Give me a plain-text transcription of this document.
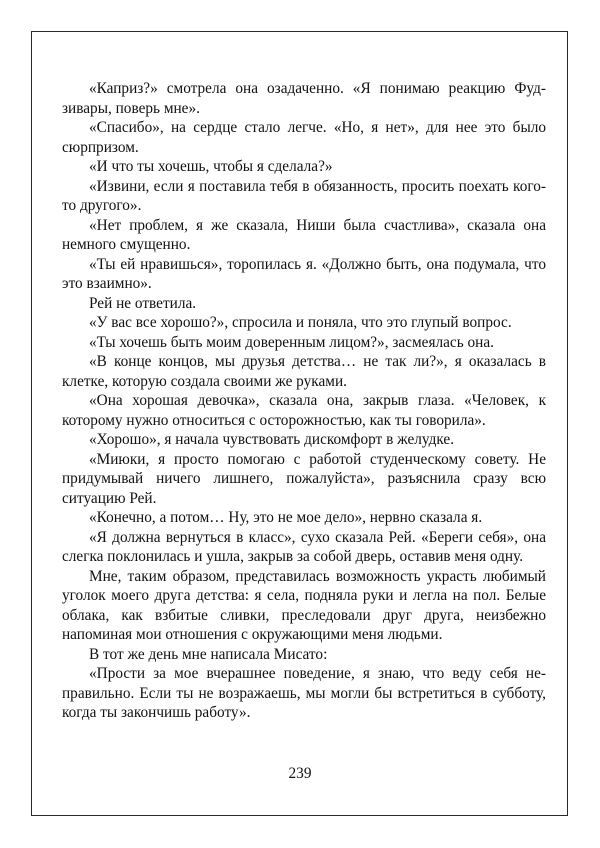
«Каприз?» смотрела она озадаченно. «Я понимаю реакцию Фудзивары, поверь мне».

«Спасибо», на сердце стало легче. «Но, я нет», для нее это было сюрпризом.

«И что ты хочешь, чтобы я сделала?»

«Извини, если я поставила тебя в обязанность, просить поехать кого-то другого».

«Нет проблем, я же сказала, Ниши была счастлива», сказала она немного смущенно.

«Ты ей нравишься», торопилась я. «Должно быть, она подумала, что это взаимно».

Рей не ответила.

«У вас все хорошо?», спросила и поняла, что это глупый вопрос.

«Ты хочешь быть моим доверенным лицом?», засмеялась она.

«В конце концов, мы друзья детства… не так ли?», я оказалась в клетке, которую создала своими же руками.

«Она хорошая девочка», сказала она, закрыв глаза. «Человек, к которому нужно относиться с осторожностью, как ты говорила».

«Хорошо», я начала чувствовать дискомфорт в желудке.

«Миюки, я просто помогаю с работой студенческому совету. Не придумывай ничего лишнего, пожалуйста», разъяснила сразу всю ситуацию Рей.

«Конечно, а потом… Ну, это не мое дело», нервно сказала я.

«Я должна вернуться в класс», сухо сказала Рей. «Береги себя», она слегка поклонилась и ушла, закрыв за собой дверь, оставив меня одну.

Мне, таким образом, представилась возможность украсть любимый уголок моего друга детства: я села, подняла руки и легла на пол. Белые облака, как взбитые сливки, преследовали друг друга, неизбежно напоминая мои отношения с окружающими меня людьми.

В тот же день мне написала Мисато:

«Прости за мое вчерашнее поведение, я знаю, что веду себя неправильно. Если ты не возражаешь, мы могли бы встретиться в субботу, когда ты закончишь работу».

239
